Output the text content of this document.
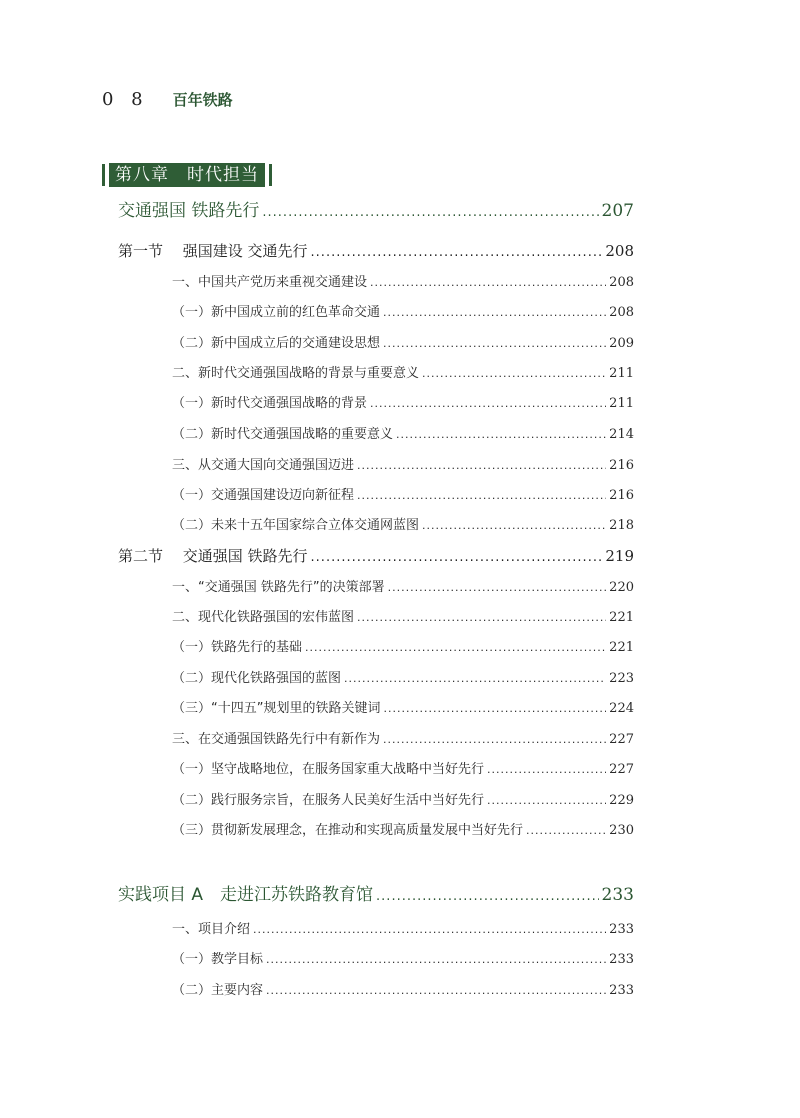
0 8 百年铁路
第八章　时代担当
交通强国 铁路先行 .....	207
第一节　 强国建设 交通先行 .....	208
一、中国共产党历来重视交通建设 .....	208
（一）新中国成立前的红色革命交通 .....	208
（二）新中国成立后的交通建设思想 .....	209
二、新时代交通强国战略的背景与重要意义 .....	211
（一）新时代交通强国战略的背景 .....	211
（二）新时代交通强国战略的重要意义 .....	214
三、从交通大国向交通强国迈进 .....	216
（一）交通强国建设迈向新征程 .....	216
（二）未来十五年国家综合立体交通网蓝图 .....	218
第二节　 交通强国 铁路先行 .....	219
一、“交通强国 铁路先行”的决策部署 .....	220
二、现代化铁路强国的宏伟蓝图 .....	221
（一）铁路先行的基础 .....	221
（二）现代化铁路强国的蓝图 .....	223
（三）“十四五”规划里的铁路关键词 .....	224
三、在交通强国铁路先行中有新作为 .....	227
（一）坚守战略地位，在服务国家重大战略中当好先行 .....	227
（二）践行服务宗旨，在服务人民美好生活中当好先行 .....	229
（三）贯彻新发展理念，在推动和实现高质量发展中当好先行 .....	230
实践项目 A　走进江苏铁路教育馆 .....	233
一、项目介绍 .....	233
（一）教学目标 .....	233
（二）主要内容 .....	233
